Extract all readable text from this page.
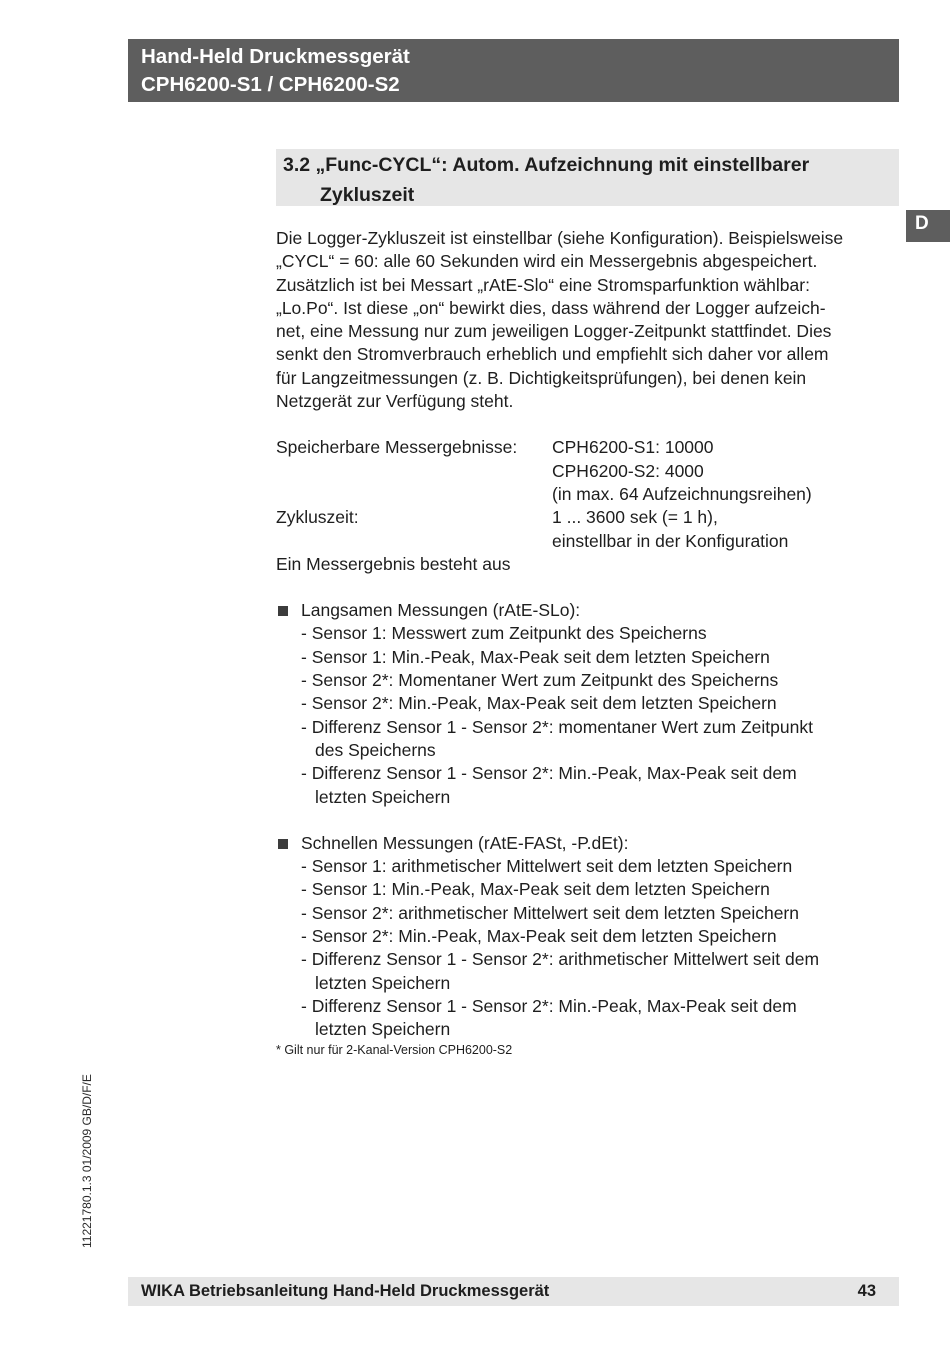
Hand-Held Druckmessgerät
CPH6200-S1 / CPH6200-S2
D
3.2 „Func-CYCL“: Autom. Aufzeichnung mit einstellbarer
Zykluszeit

Die Logger-Zykluszeit ist einstellbar (siehe Konfiguration). Beispielsweise
„CYCL“ = 60: alle 60 Sekunden wird ein Messergebnis abgespeichert.
Zusätzlich ist bei Messart „rAtE-Slo“ eine Stromsparfunktion wählbar:
„Lo.Po“. Ist diese „on“ bewirkt dies, dass während der Logger aufzeich-
net, eine Messung nur zum jeweiligen Logger-Zeitpunkt stattfindet. Dies
senkt den Stromverbrauch erheblich und empfiehlt sich daher vor allem
für Langzeitmessungen (z. B. Dichtigkeitsprüfungen), bei denen kein
Netzgerät zur Verfügung steht.

Speicherbare Messergebnisse:	CPH6200-S1: 10000
CPH6200-S2: 4000
(in max. 64 Aufzeichnungsreihen)
Zykluszeit:	1 ... 3600 sek (= 1 h),
einstellbar in der Konfiguration

Ein Messergebnis besteht aus

Langsamen Messungen (rAtE-SLo):
- Sensor 1: Messwert zum Zeitpunkt des Speicherns
- Sensor 1: Min.-Peak, Max-Peak seit dem letzten Speichern
- Sensor 2*: Momentaner Wert zum Zeitpunkt des Speicherns
- Sensor 2*: Min.-Peak, Max-Peak seit dem letzten Speichern
- Differenz Sensor 1 - Sensor 2*: momentaner Wert zum Zeitpunkt
des Speicherns
- Differenz Sensor 1 - Sensor 2*: Min.-Peak, Max-Peak seit dem
letzten Speichern
Schnellen Messungen (rAtE-FASt, -P.dEt):
- Sensor 1: arithmetischer Mittelwert seit dem letzten Speichern
- Sensor 1: Min.-Peak, Max-Peak seit dem letzten Speichern
- Sensor 2*: arithmetischer Mittelwert seit dem letzten Speichern
- Sensor 2*: Min.-Peak, Max-Peak seit dem letzten Speichern
- Differenz Sensor 1 - Sensor 2*: arithmetischer Mittelwert seit dem
letzten Speichern
- Differenz Sensor 1 - Sensor 2*: Min.-Peak, Max-Peak seit dem
letzten Speichern

* Gilt nur für 2-Kanal-Version CPH6200-S2

11221780.1.3 01/2009 GB/D/F/E
WIKA Betriebsanleitung Hand-Held Druckmessgerät	43
